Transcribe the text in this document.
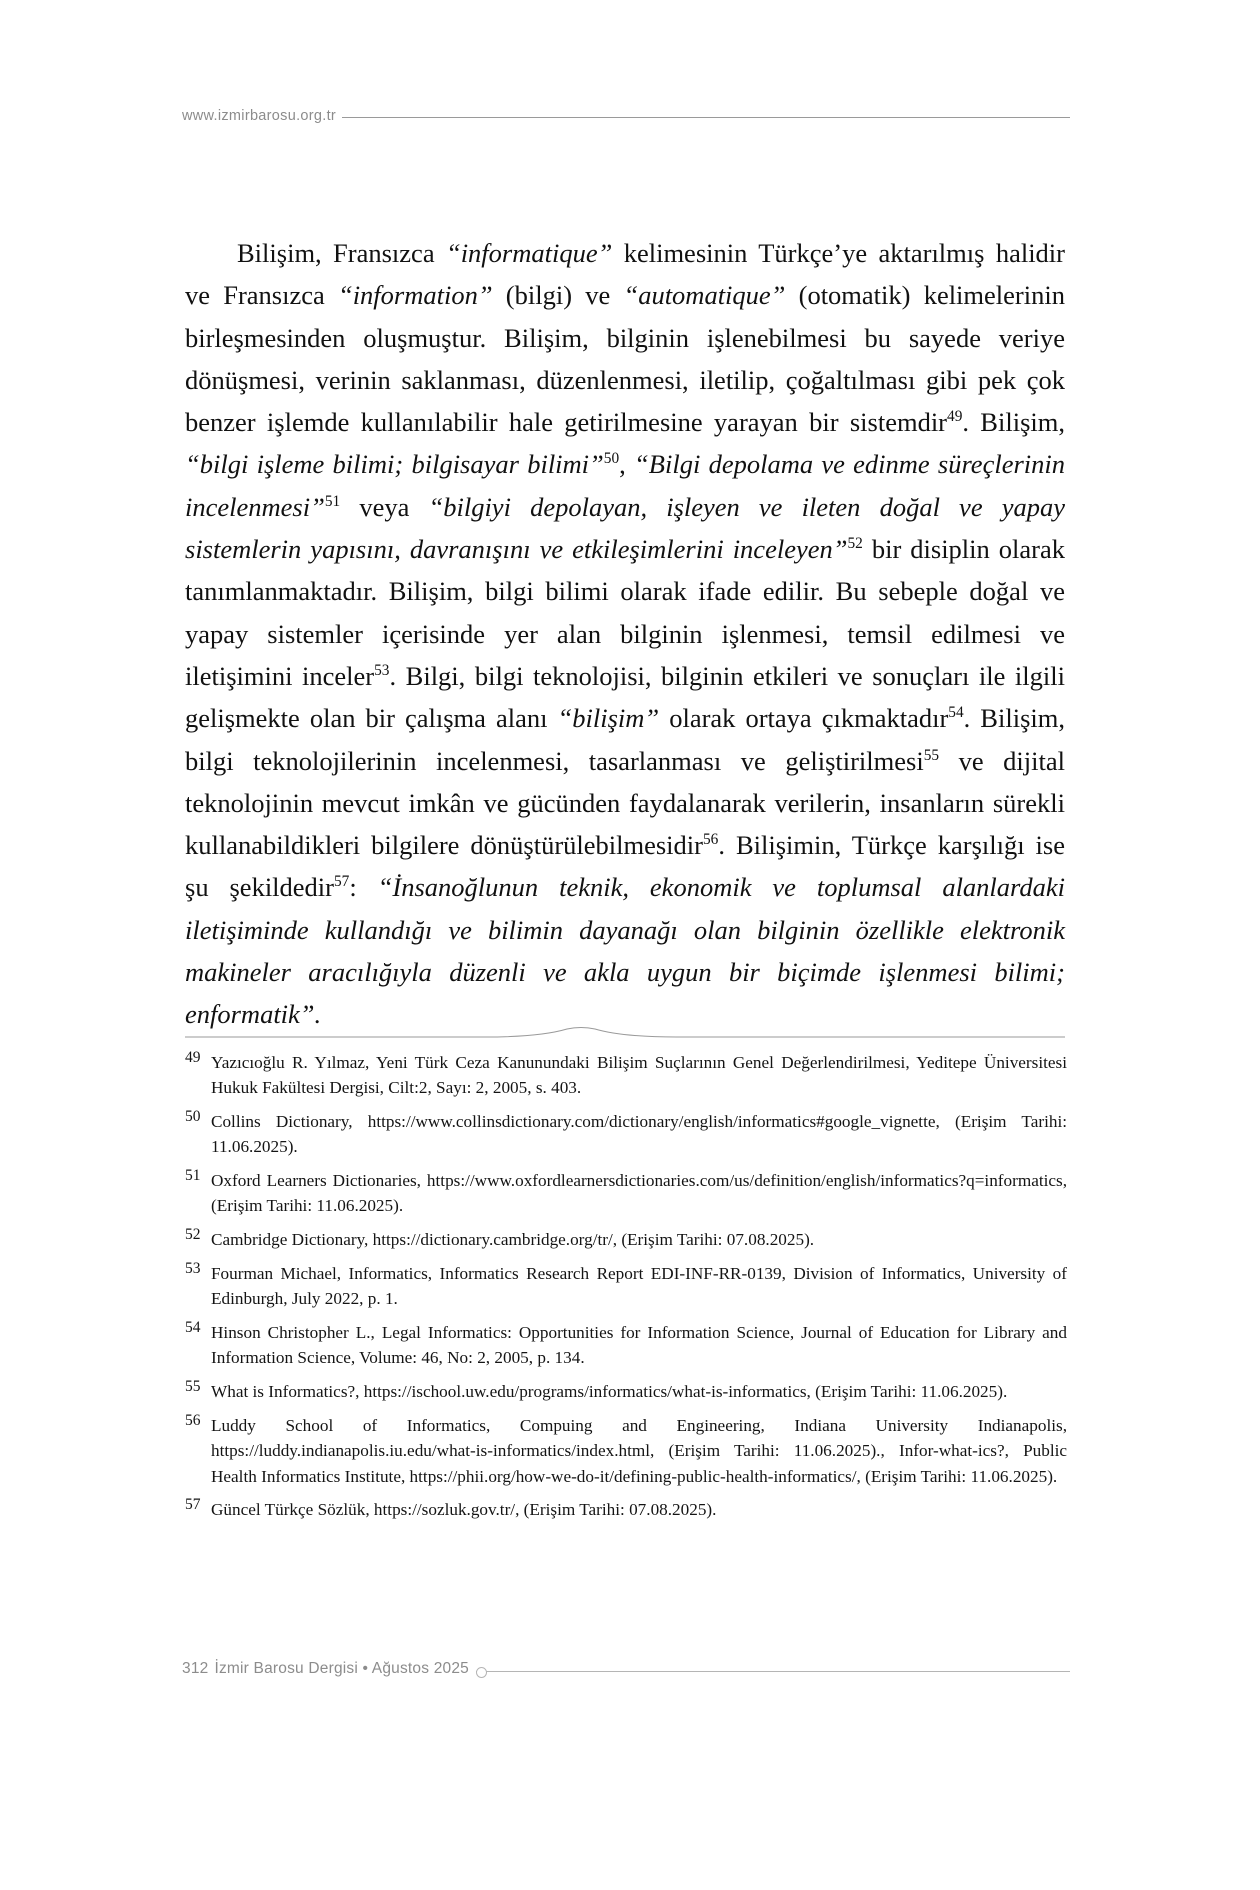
www.izmirbarosu.org.tr

Bilişim, Fransızca “informatique” kelimesinin Türkçe’ye aktarılmış halidir ve Fransızca “information” (bilgi) ve “automatique” (otomatik) kelimelerinin birleşmesinden oluşmuştur. Bilişim, bilginin işlenebilmesi bu sayede veriye dönüşmesi, verinin saklanması, düzenlenmesi, iletilip, çoğaltılması gibi pek çok benzer işlemde kullanılabilir hale getirilmesine yarayan bir sistemdir$^{49}$. Bilişim, “bilgi işleme bilimi; bilgisayar bilimi”$^{50}$, “Bilgi depolama ve edinme süreçlerinin incelenmesi”$^{51}$ veya “bilgiyi depolayan, işleyen ve ileten doğal ve yapay sistemlerin yapısını, davranışını ve etkileşimlerini inceleyen”$^{52}$ bir disiplin olarak tanımlanmaktadır. Bilişim, bilgi bilimi olarak ifade edilir. Bu sebeple doğal ve yapay sistemler içerisinde yer alan bilginin işlenmesi, temsil edilmesi ve iletişimini inceler$^{53}$. Bilgi, bilgi teknolojisi, bilginin etkileri ve sonuçları ile ilgili gelişmekte olan bir çalışma alanı “bilişim” olarak ortaya çıkmaktadır$^{54}$. Bilişim, bilgi teknolojilerinin incelenmesi, tasarlanması ve geliştirilmesi$^{55}$ ve dijital teknolojinin mevcut imkân ve gücünden faydalanarak verilerin, insanların sürekli kullanabildikleri bilgilere dönüştürülebilmesidir$^{56}$. Bilişimin, Türkçe karşılığı ise şu şekildedir$^{57}$: “İnsanoğlunun teknik, ekonomik ve toplumsal alanlardaki iletişiminde kullandığı ve bilimin dayanağı olan bilginin özellikle elektronik makineler aracılığıyla düzenli ve akla uygun bir biçimde işlenmesi bilimi; enformatik”.

49 Yazıcıoğlu R. Yılmaz, Yeni Türk Ceza Kanunundaki Bilişim Suçlarının Genel Değerlendirilmesi, Yeditepe Üniversitesi Hukuk Fakültesi Dergisi, Cilt:2, Sayı: 2, 2005, s. 403.
50 Collins Dictionary, https://www.collinsdictionary.com/dictionary/english/informatics#google_vignette, (Erişim Tarihi: 11.06.2025).
51 Oxford Learners Dictionaries, https://www.oxfordlearnersdictionaries.com/us/definition/english/informatics?q=informatics, (Erişim Tarihi: 11.06.2025).
52 Cambridge Dictionary, https://dictionary.cambridge.org/tr/, (Erişim Tarihi: 07.08.2025).
53 Fourman Michael, Informatics, Informatics Research Report EDI-INF-RR-0139, Division of Informatics, University of Edinburgh, July 2022, p. 1.
54 Hinson Christopher L., Legal Informatics: Opportunities for Information Science, Journal of Education for Library and Information Science, Volume: 46, No: 2, 2005, p. 134.
55 What is Informatics?, https://ischool.uw.edu/programs/informatics/what-is-informatics, (Erişim Tarihi: 11.06.2025).
56 Luddy School of Informatics, Compuing and Engineering, Indiana University Indianapolis, https://luddy.indianapolis.iu.edu/what-is-informatics/index.html, (Erişim Tarihi: 11.06.2025)., Infor-what-ics?, Public Health Informatics Institute, https://phii.org/how-we-do-it/defining-public-health-informatics/, (Erişim Tarihi: 11.06.2025).
57 Güncel Türkçe Sözlük, https://sozluk.gov.tr/, (Erişim Tarihi: 07.08.2025).
312 İzmir Barosu Dergisi • Ağustos 2025
